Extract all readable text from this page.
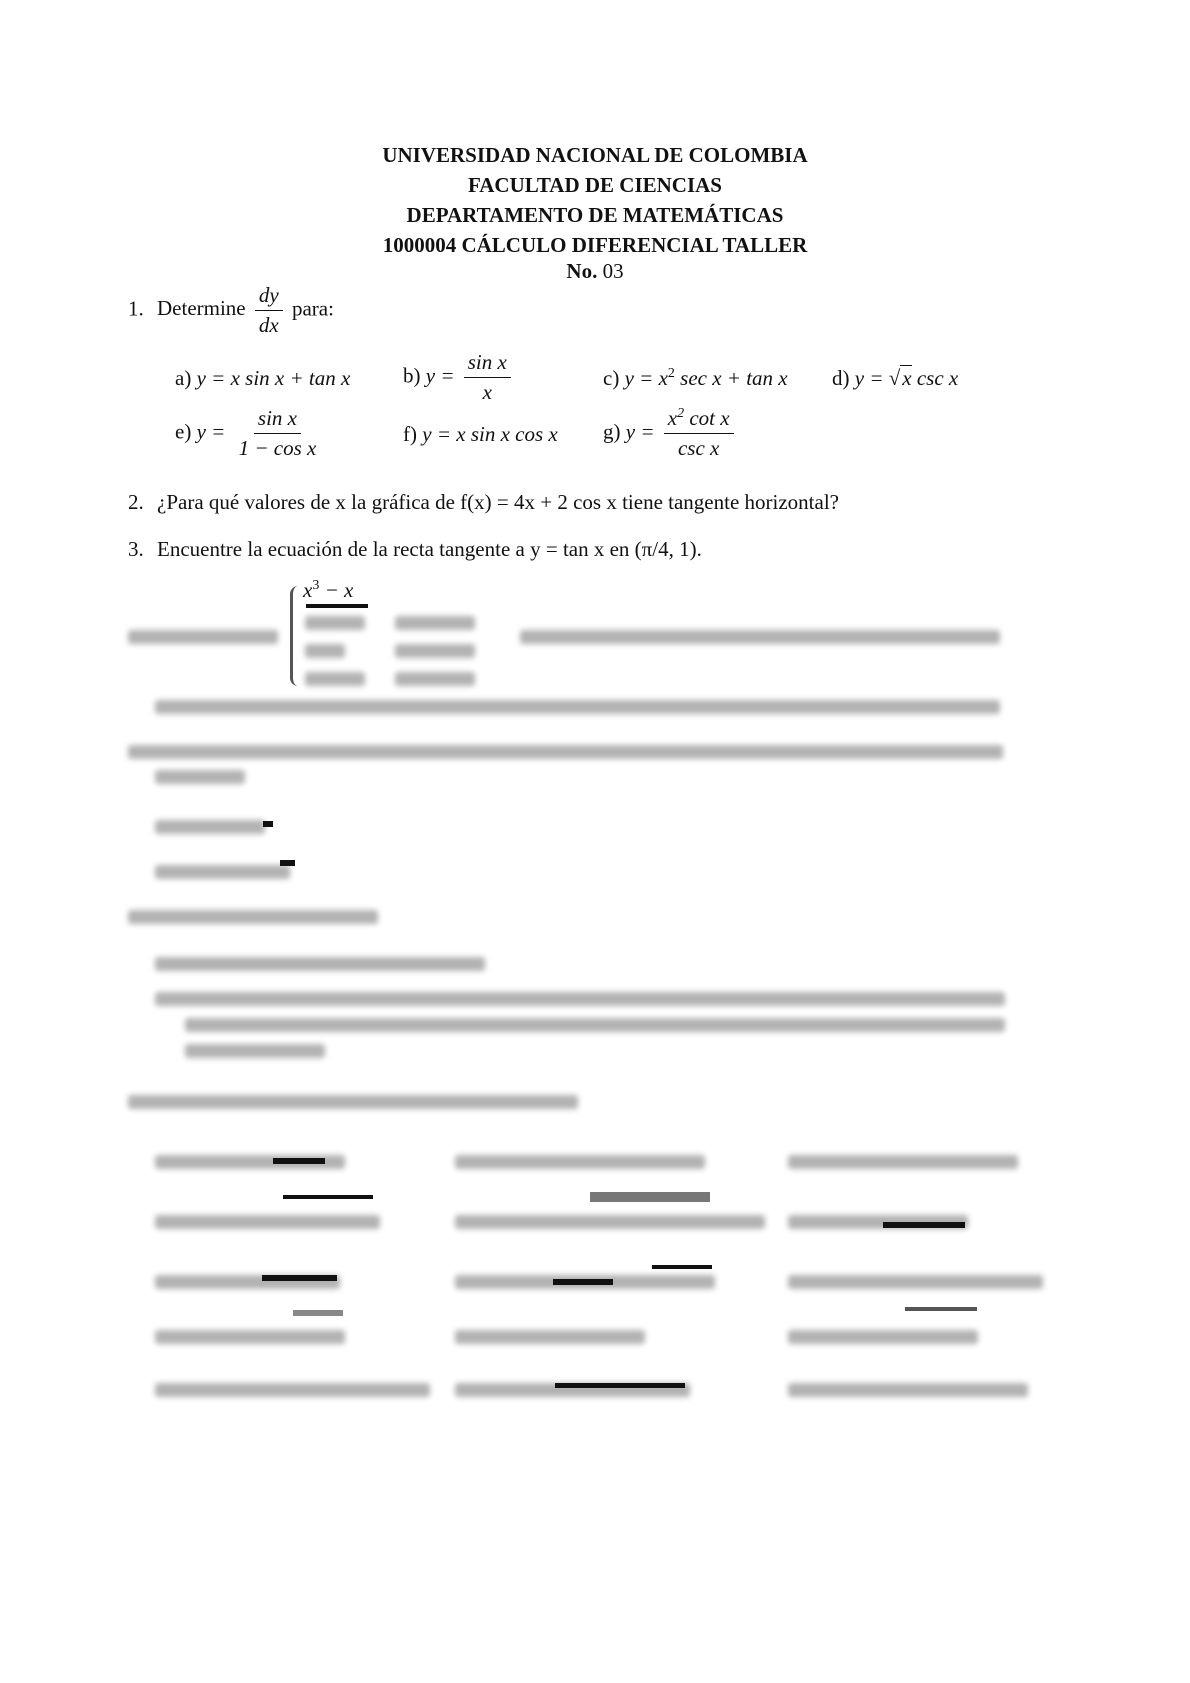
UNIVERSIDAD NACIONAL DE COLOMBIA
FACULTAD DE CIENCIAS
DEPARTAMENTO DE MATEMÁTICAS
1000004 CÁLCULO DIFERENCIAL TALLER
No. 03
1. Determine $\frac{dy}{dx}$ para:
a) y = x sin x + tan x	b) $y = \frac{\text{sin x}}{x}$	c) $y = x^2$ sec x + tan x d) y = √x csc x
e) $y = \frac{\text{sin x}}{\text{1 − cos x}}$	f) y = x sin x cos x g) $y = \frac{x^2 \cot x}{\text{csc x}}$
2. ¿Para qué valores de x la gráfica de f(x) = 4x + 2 cos x tiene tangente horizontal?
3. Encuentre la ecuación de la recta tangente a y = tan x en (π/4, 1).
$x^3 - x$
